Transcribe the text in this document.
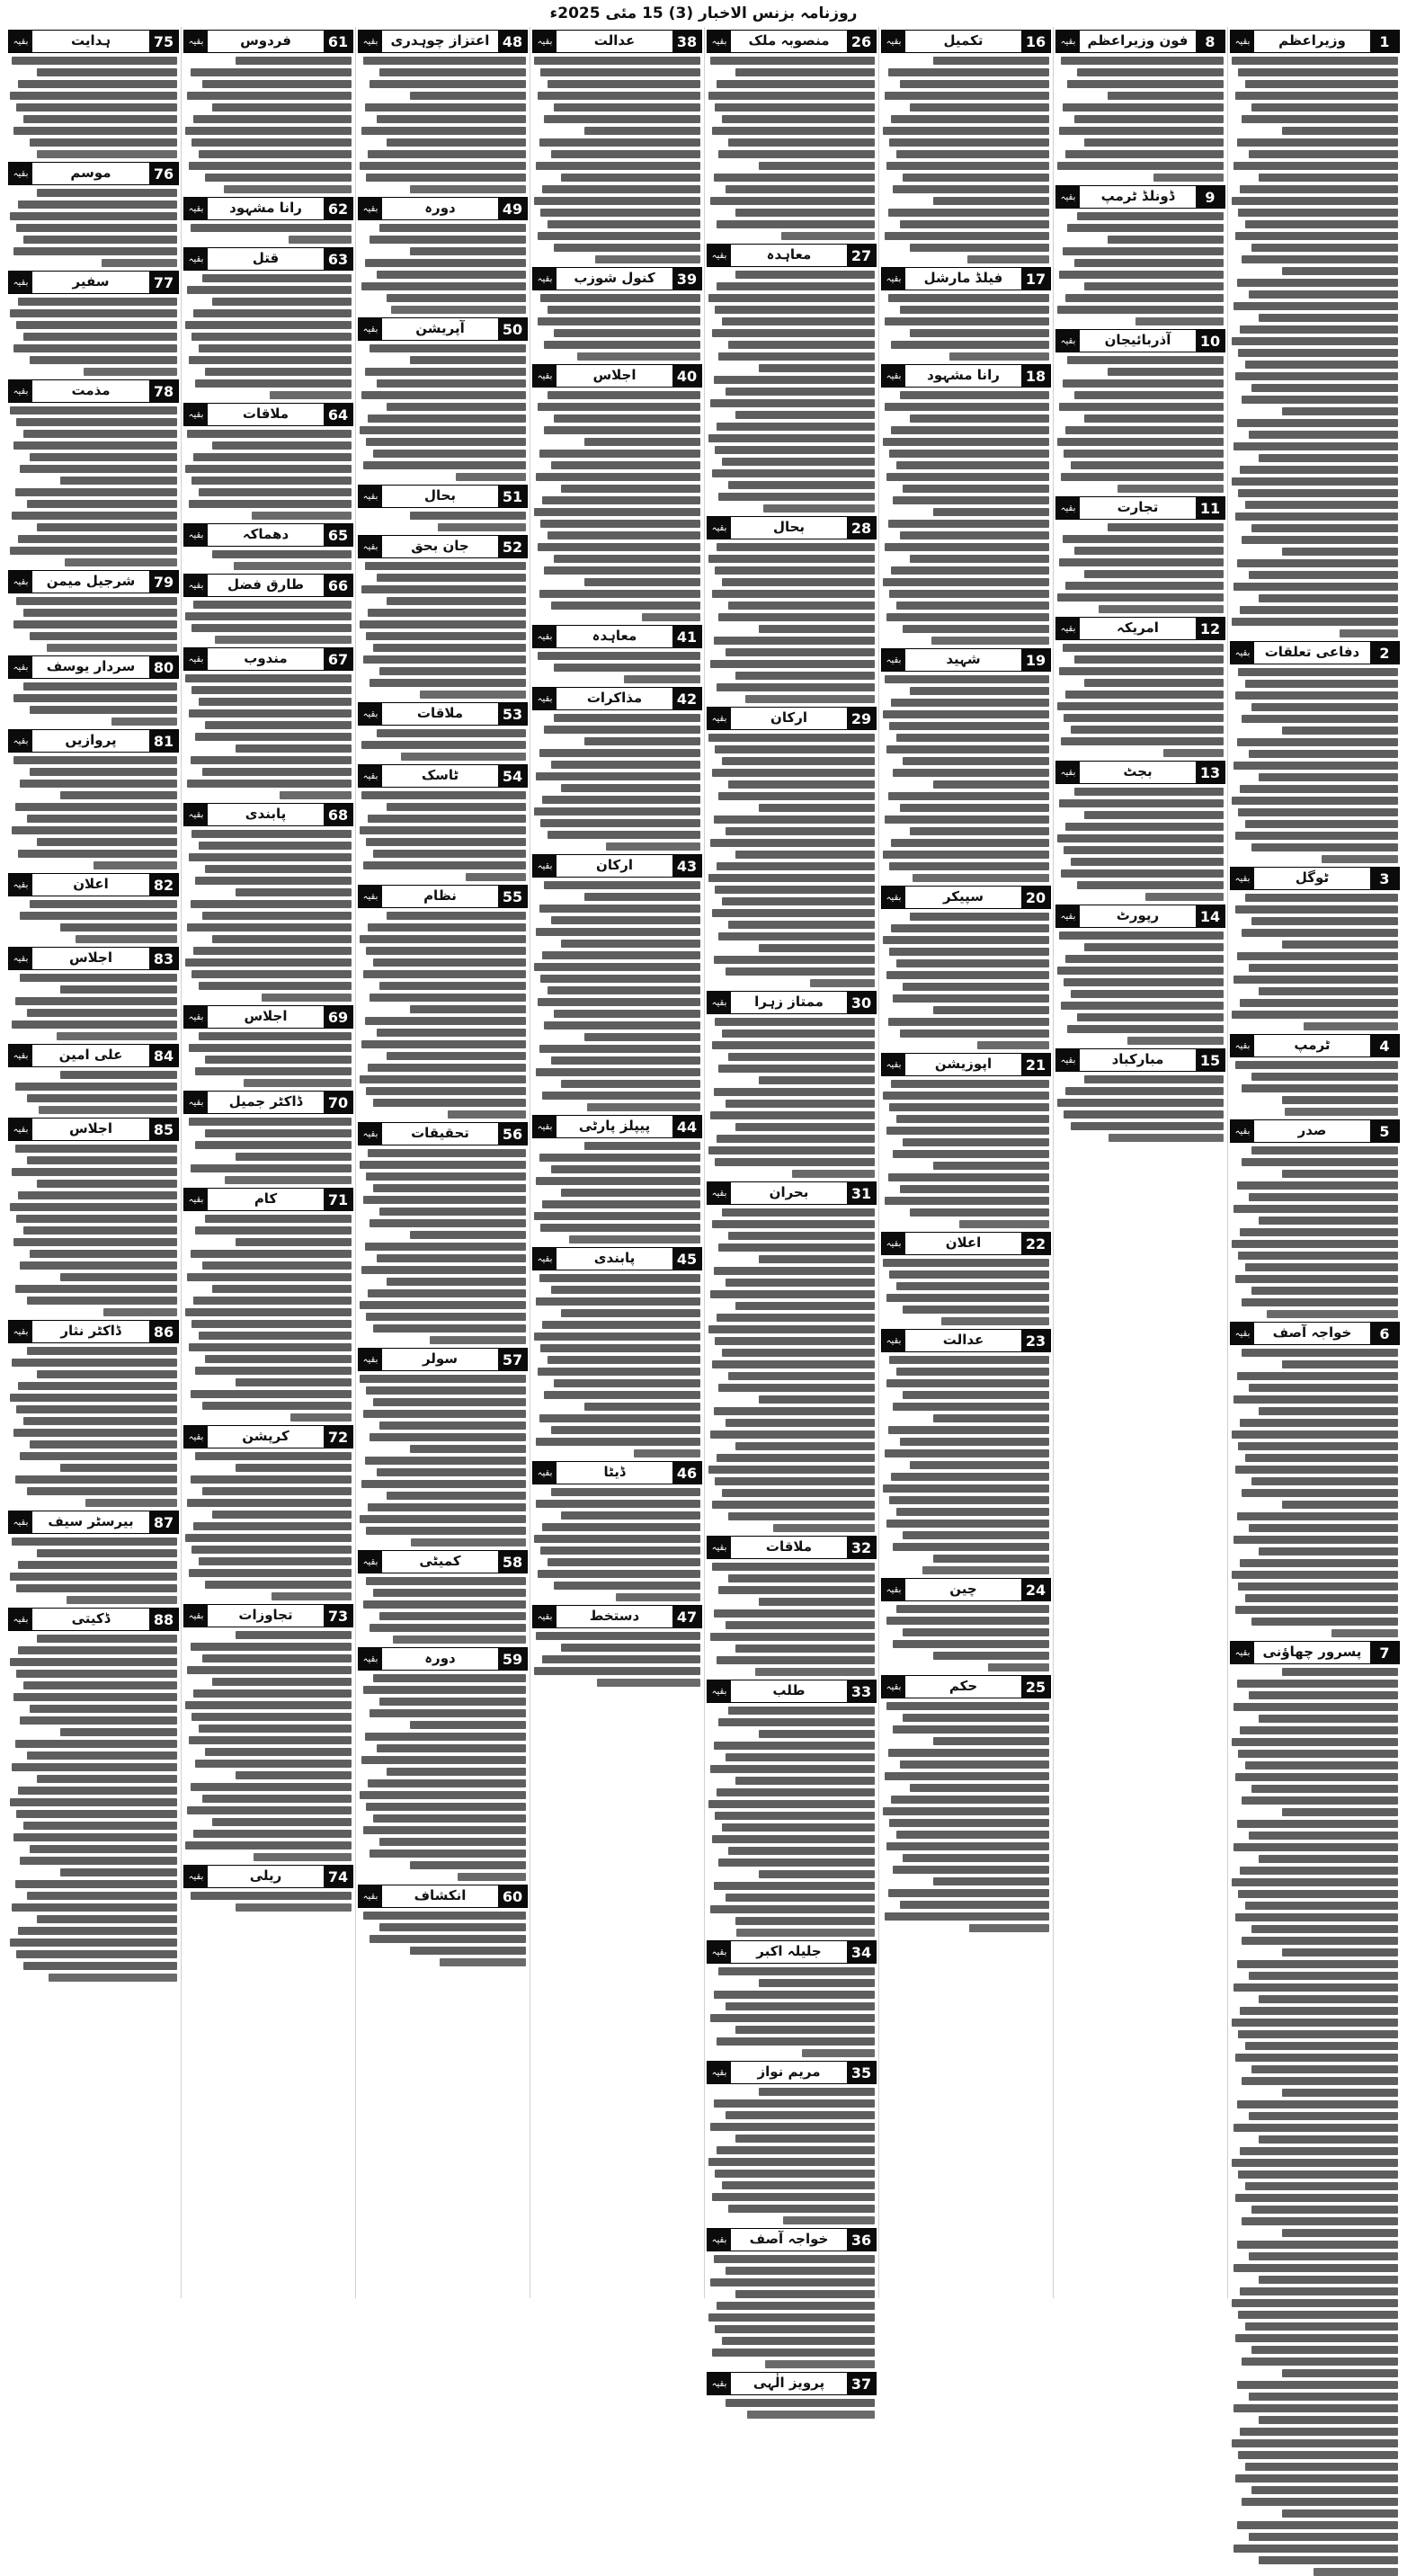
روزنامہ بزنس الاخبار (3) 15 مئی 2025ء
بقیہ	وزیراعظم	1
بقیہ	دفاعی تعلقات	2
بقیہ	ٹوگل	3
بقیہ	ٹرمپ	4
بقیہ	صدر	5
بقیہ	خواجہ آصف	6
بقیہ پسرور چھاؤنی	7
بقیہ فون وزیراعظم	8
بقیہ	ڈونلڈ ٹرمپ	9
بقیہ	آذربائیجان	10
بقیہ	تجارت	11
بقیہ	امریکہ	12
بقیہ	بجٹ	13
بقیہ	رپورٹ	14
بقیہ	مبارکباد	15
بقیہ	تکمیل	16
بقیہ	فیلڈ مارشل	17
بقیہ	رانا مشہود	18
بقیہ	شہید	19
بقیہ	سپیکر	20
بقیہ	اپوزیشن	21
بقیہ	اعلان	22
بقیہ	عدالت	23
بقیہ	چین	24
بقیہ	حکم	25
بقیہ	منصوبہ ملک	26
بقیہ	معاہدہ	27
بقیہ	بحال	28
بقیہ	ارکان	29
بقیہ	ممتاز زہرا	30
بقیہ	بحران	31
بقیہ	ملاقات	32
بقیہ	طلب	33
بقیہ	جلیلہ اکبر	34
بقیہ	مریم نواز	35
بقیہ	خواجہ آصف	36
بقیہ	پرویز الٰہی	37
بقیہ	عدالت	38
بقیہ	کنول شوزب	39
بقیہ	اجلاس	40
بقیہ	معاہدہ	41
بقیہ	مذاکرات	42
بقیہ	ارکان	43
بقیہ	پیپلز پارٹی	44
بقیہ	پابندی	45
بقیہ	ڈیٹا	46
بقیہ	دستخط	47
بقیہ اعتزاز چوہدری 48
بقیہ	دورہ	49
بقیہ	آپریشن	50
بقیہ	بحال	51
بقیہ	جان بحق	52
بقیہ	ملاقات	53
بقیہ	ٹاسک	54
بقیہ	نظام	55
بقیہ	تحقیقات	56
بقیہ	سولر	57
بقیہ	کمیٹی	58
بقیہ	دورہ	59
بقیہ	انکشاف	60
بقیہ	فردوس	61
بقیہ	رانا مشہود	62
بقیہ	قتل	63
بقیہ	ملاقات	64
بقیہ	دھماکہ	65
بقیہ	طارق فضل	66
بقیہ	مندوب	67
بقیہ	پابندی	68
بقیہ	اجلاس	69
بقیہ	ڈاکٹر جمیل	70
بقیہ	کام	71
بقیہ	کرپشن	72
بقیہ	تجاوزات	73
بقیہ	ریلی	74
بقیہ	ہدایت	75
بقیہ	موسم	76
بقیہ	سفیر	77
بقیہ	مذمت	78
بقیہ	شرجیل میمن	79
بقیہ	سردار یوسف	80
بقیہ	پروازیں	81
بقیہ	اعلان	82
بقیہ	اجلاس	83
بقیہ	علی امین	84
بقیہ	اجلاس	85
بقیہ	ڈاکٹر نثار	86
بقیہ	بیرسٹر سیف	87
بقیہ	ڈکیتی	88
